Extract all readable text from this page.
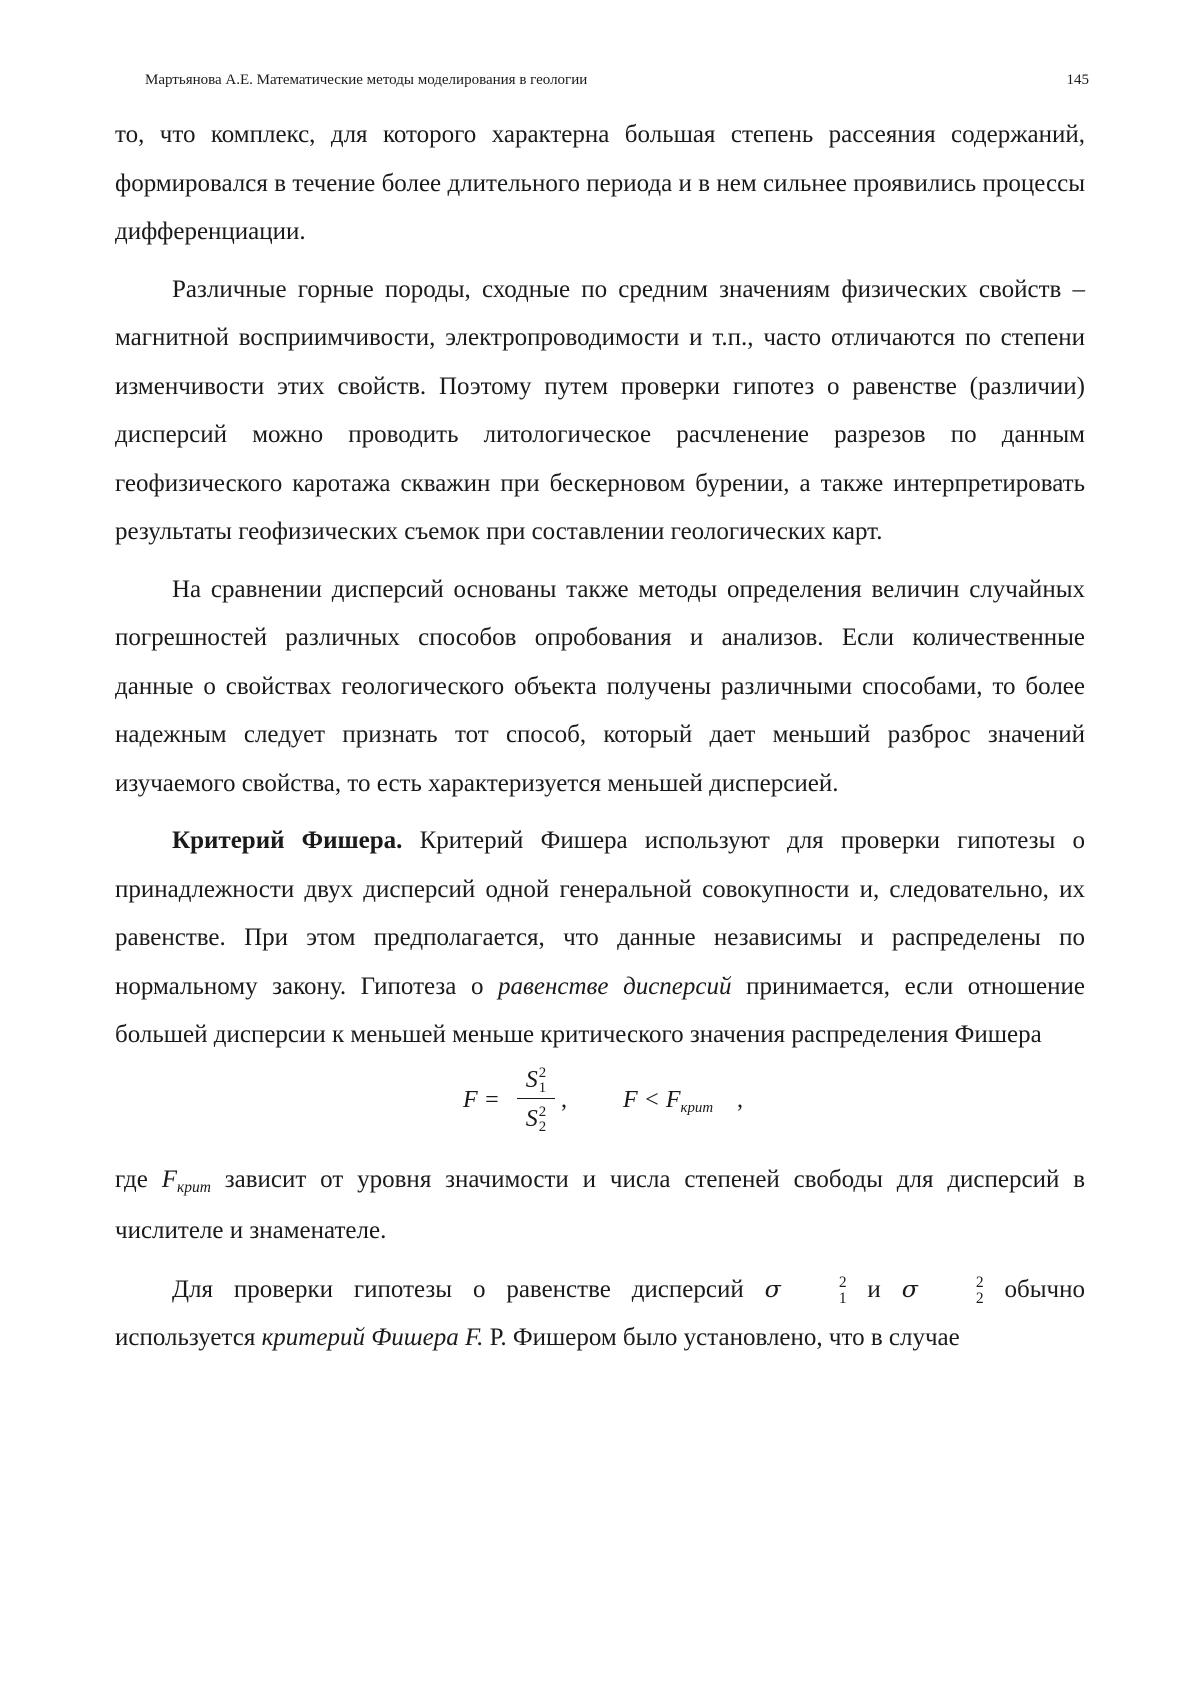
Мартьянова А.Е. Математические методы моделирования в геологии	145

то, что комплекс, для которого характерна большая степень рассеяния содержаний, формировался в течение более длительного периода и в нем сильнее проявились процессы дифференциации.

Различные горные породы, сходные по средним значениям физических свойств – магнитной восприимчивости, электропроводимости и т.п., часто отличаются по степени изменчивости этих свойств. Поэтому путем проверки гипотез о равенстве (различии) дисперсий можно проводить литологическое расчленение разрезов по данным геофизического каротажа скважин при бескерновом бурении, а также интерпретировать результаты геофизических съемок при составлении геологических карт.

На сравнении дисперсий основаны также методы определения величин случайных погрешностей различных способов опробования и анализов. Если количественные данные о свойствах геологического объекта получены различными способами, то более надежным следует признать тот способ, который дает меньший разброс значений изучаемого свойства, то есть характеризуется меньшей дисперсией.

Критерий Фишера. Критерий Фишера используют для проверки гипотезы о принадлежности двух дисперсий одной генеральной совокупности и, следовательно, их равенстве. При этом предполагается, что данные независимы и распределены по нормальному закону. Гипотеза о равенстве дисперсий принимается, если отношение большей дисперсии к меньшей меньше критического значения распределения Фишера

F =
S 2
1
S 2
2
, $F < F_{крит}$ ,

где $F_{крит}$ зависит от уровня значимости и числа степеней свободы для дисперсий в числителе и знаменателе.

Для проверки гипотезы о равенстве дисперсий σ	2
1 и σ	2
2 обычно используется критерий Фишера F. Р. Фишером было установлено, что в случае
